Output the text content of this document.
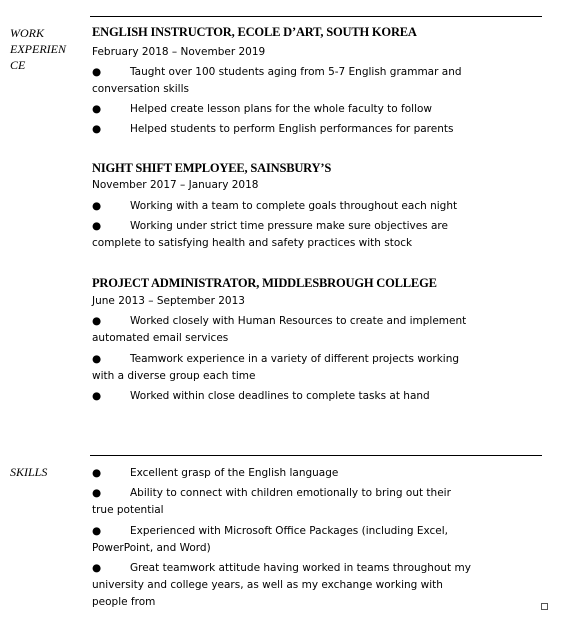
WORK
EXPERIEN
CE
ENGLISH INSTRUCTOR, ECOLE D’ART, SOUTH KOREA
February 2018 – November 2019
●	Taught over 100 students aging from 5-7 English grammar and conversation skills
●	Helped create lesson plans for the whole faculty to follow
●	Helped students to perform English performances for parents
NIGHT SHIFT EMPLOYEE, SAINSBURY’S
November 2017 – January 2018
●	Working with a team to complete goals throughout each night
●	Working under strict time pressure make sure objectives are complete to satisfying health and safety practices with stock
PROJECT ADMINISTRATOR, MIDDLESBROUGH COLLEGE
June 2013 – September 2013
●	Worked closely with Human Resources to create and implement automated email services
●	Teamwork experience in a variety of different projects working with a diverse group each time
●	Worked within close deadlines to complete tasks at hand
SKILLS	●	Excellent grasp of the English language
●	Ability to connect with children emotionally to bring out their true potential
●	Experienced with Microsoft Office Packages (including Excel, PowerPoint, and Word)
●	Great teamwork attitude having worked in teams throughout my university and college years, as well as my exchange working with people from
